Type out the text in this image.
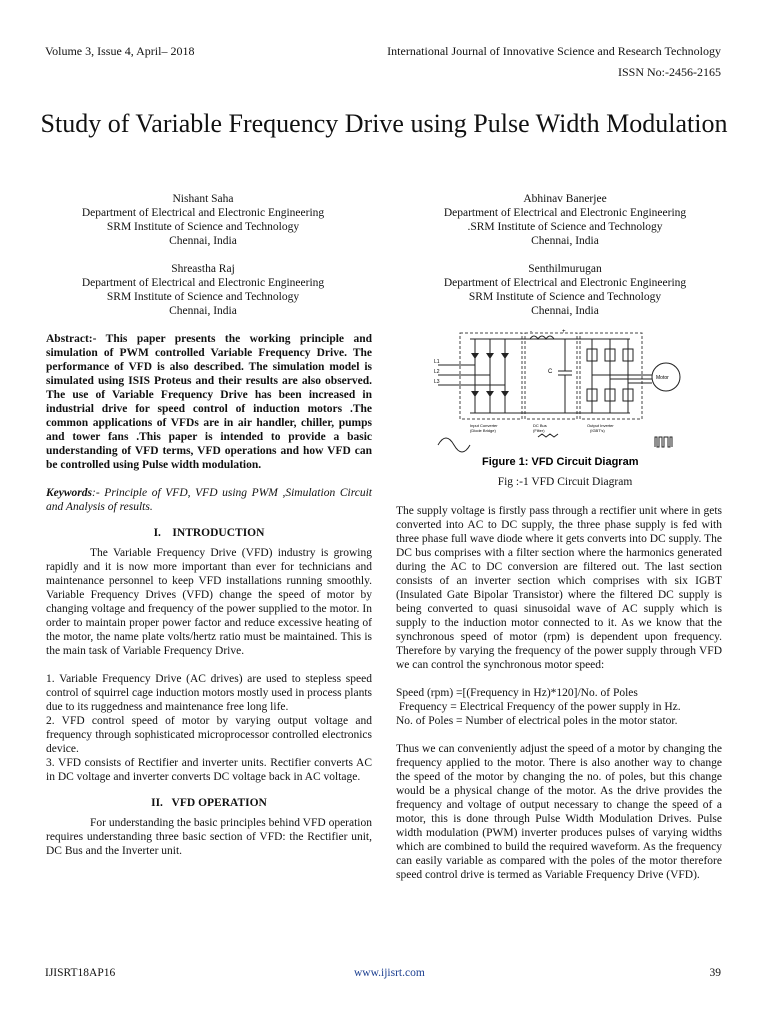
Volume 3, Issue 4, April– 2018	International Journal of Innovative Science and Research Technology
ISSN No:-2456-2165
Study of Variable Frequency Drive using Pulse Width Modulation
Nishant Saha
Department of Electrical and Electronic Engineering
SRM Institute of Science and Technology
Chennai, India
Abhinav Banerjee
Department of Electrical and Electronic Engineering
.SRM Institute of Science and Technology
Chennai, India
Shreastha Raj
Department of Electrical and Electronic Engineering
SRM Institute of Science and Technology
Chennai, India
Senthilmurugan
Department of Electrical and Electronic Engineering
SRM Institute of Science and Technology
Chennai, India

Abstract:- This paper presents the working principle and simulation of PWM controlled Variable Frequency Drive. The performance of VFD is also described. The simulation model is simulated using ISIS Proteus and their results are also observed. The use of Variable Frequency Drive has been increased in industrial drive for speed control of induction motors .The common applications of VFDs are in air handler, chiller, pumps and tower fans .This paper is intended to provide a basic understanding of VFD terms, VFD operations and how VFD can be controlled using Pulse width modulation.

Keywords:- Principle of VFD, VFD using PWM ,Simulation Circuit and Analysis of results.

I.    INTRODUCTION

The Variable Frequency Drive (VFD) industry is growing rapidly and it is now more important than ever for technicians and maintenance personnel to keep VFD installations running smoothly. Variable Frequency Drives (VFD) change the speed of motor by changing voltage and frequency of the power supplied to the motor. In order to maintain proper power factor and reduce excessive heating of the motor, the name plate volts/hertz ratio must be maintained. This is the main task of Variable Frequency Drive.

1. Variable Frequency Drive (AC drives) are used to stepless speed control of squirrel cage induction motors mostly used in process plants due to its ruggedness and maintenance free long life.

2. VFD control speed of motor by varying output voltage and frequency through sophisticated microprocessor controlled electronics device.

3. VFD consists of Rectifier and inverter units. Rectifier converts AC in DC voltage and inverter converts DC voltage back in AC voltage.

II.   VFD OPERATION

For understanding the basic principles behind VFD operation requires understanding three basic section of VFD: the Rectifier unit, DC Bus and the Inverter unit.

L1
L2
L3
C
-	+
Motor
Input Converter
(Diode Bridge)
DC Bus
(Filter)
Output Inverter
(IGBT's)
Figure 1: VFD Circuit Diagram
Fig :-1 VFD Circuit Diagram

The supply voltage is firstly pass through a rectifier unit where in gets converted into AC to DC supply, the three phase supply is fed with three phase full wave diode where it gets converts into DC supply. The DC bus comprises with a filter section where the harmonics generated during the AC to DC conversion are filtered out. The last section consists of an inverter section which comprises with six IGBT (Insulated Gate Bipolar Transistor) where the filtered DC supply is being converted to quasi sinusoidal wave of AC supply which is supply to the induction motor connected to it. As we know that the synchronous speed of motor (rpm) is dependent upon frequency. Therefore by varying the frequency of the power supply through VFD we can control the synchronous motor speed:

Speed (rpm) =[(Frequency in Hz)*120]/No. of Poles

Frequency = Electrical Frequency of the power supply in Hz.

No. of Poles = Number of electrical poles in the motor stator.

Thus we can conveniently adjust the speed of a motor by changing the frequency applied to the motor. There is also another way to change the speed of the motor by changing the no. of poles, but this change would be a physical change of the motor. As the drive provides the frequency and voltage of output necessary to change the speed of a motor, this is done through Pulse Width Modulation Drives. Pulse width modulation (PWM) inverter produces pulses of varying widths which are combined to build the required waveform. As the frequency can easily variable as compared with the poles of the motor therefore speed control drive is termed as Variable Frequency Drive (VFD).

IJISRT18AP16	www.ijisrt.com	39
